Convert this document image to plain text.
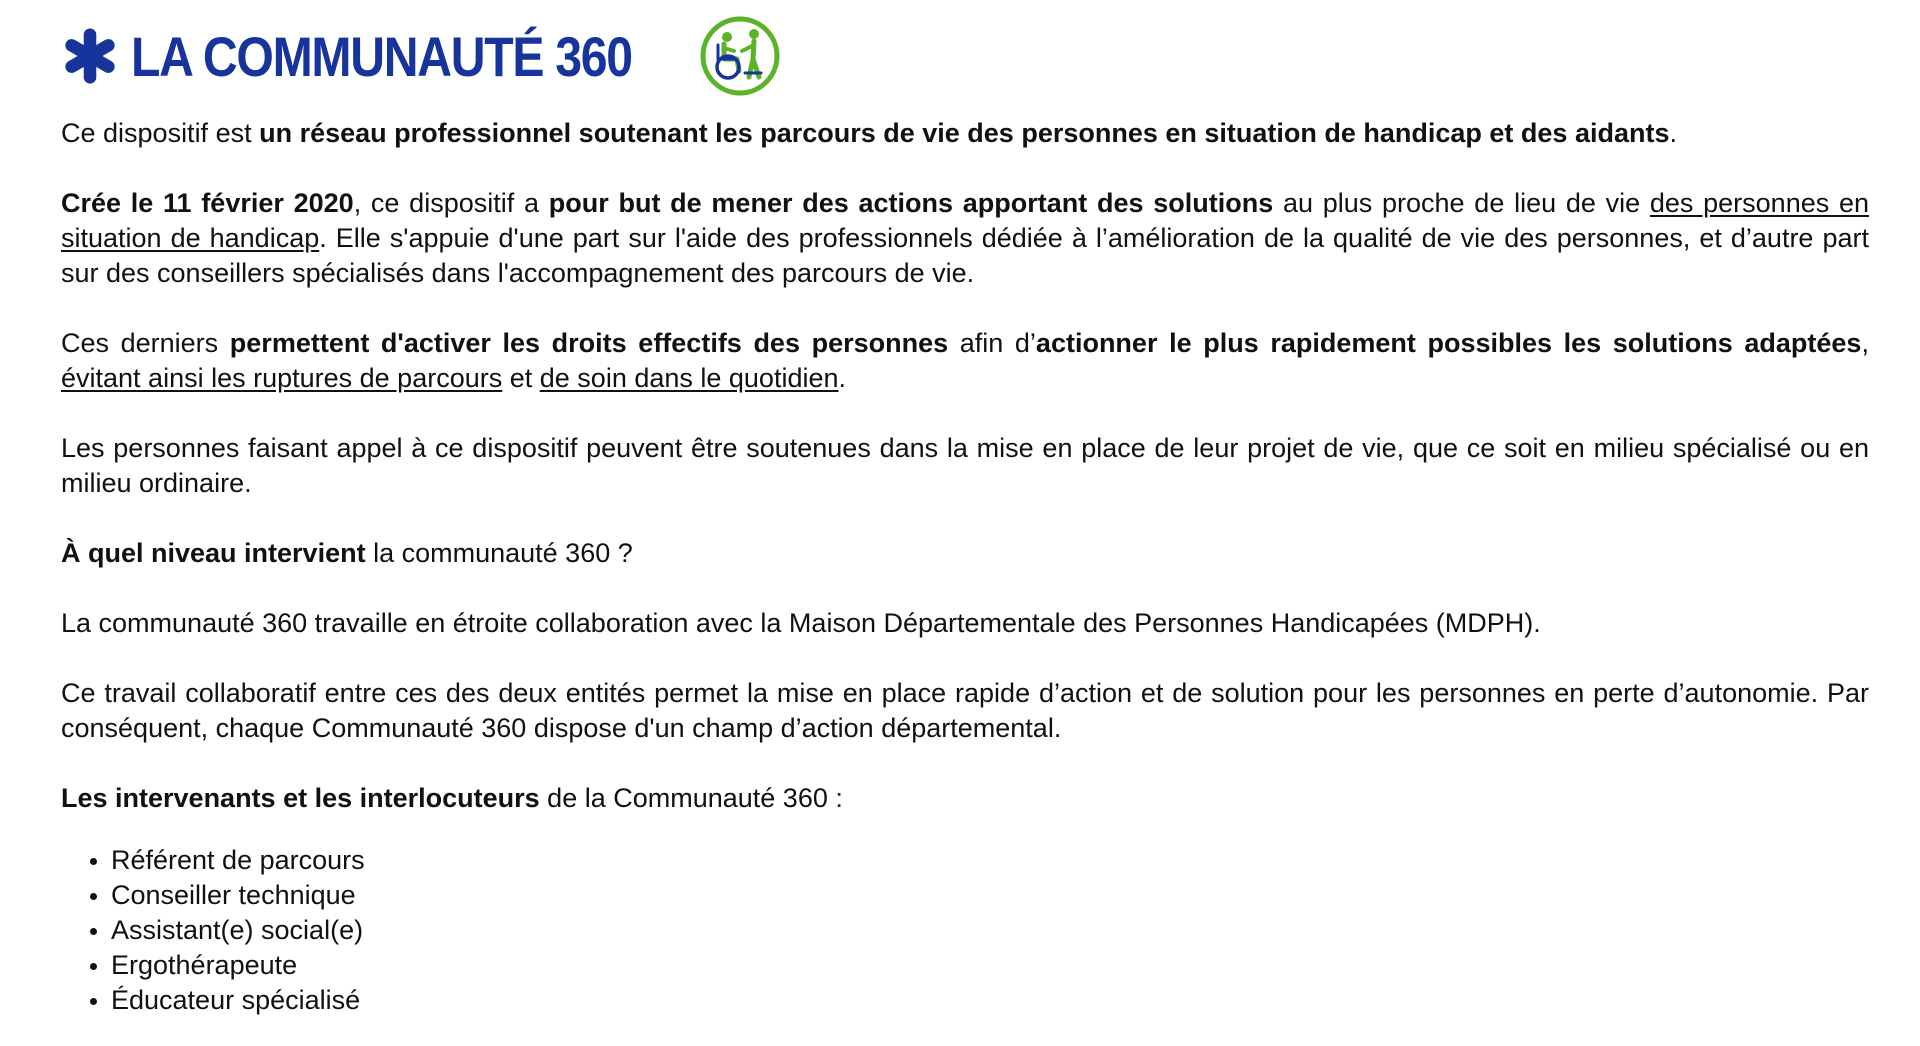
LA COMMUNAUTÉ 360

Ce dispositif est un réseau professionnel soutenant les parcours de vie des personnes en situation de handicap et des aidants.

Crée le 11 février 2020, ce dispositif a pour but de mener des actions apportant des solutions au plus proche de lieu de vie des personnes en situation de handicap. Elle s'appuie d'une part sur l'aide des professionnels dédiée à l’amélioration de la qualité de vie des personnes, et d’autre part sur des conseillers spécialisés dans l'accompagnement des parcours de vie.

Ces derniers permettent d'activer les droits effectifs des personnes afin d’actionner le plus rapidement possibles les solutions adaptées, évitant ainsi les ruptures de parcours et de soin dans le quotidien.

Les personnes faisant appel à ce dispositif peuvent être soutenues dans la mise en place de leur projet de vie, que ce soit en milieu spécialisé ou en milieu ordinaire.

À quel niveau intervient la communauté 360 ?

La communauté 360 travaille en étroite collaboration avec la Maison Départementale des Personnes Handicapées (MDPH).

Ce travail collaboratif entre ces des deux entités permet la mise en place rapide d’action et de solution pour les personnes en perte d’autonomie. Par conséquent, chaque Communauté 360 dispose d'un champ d’action départemental.

Les intervenants et les interlocuteurs de la Communauté 360 :

Référent de parcours
Conseiller technique
Assistant(e) social(e)
Ergothérapeute
Éducateur spécialisé
